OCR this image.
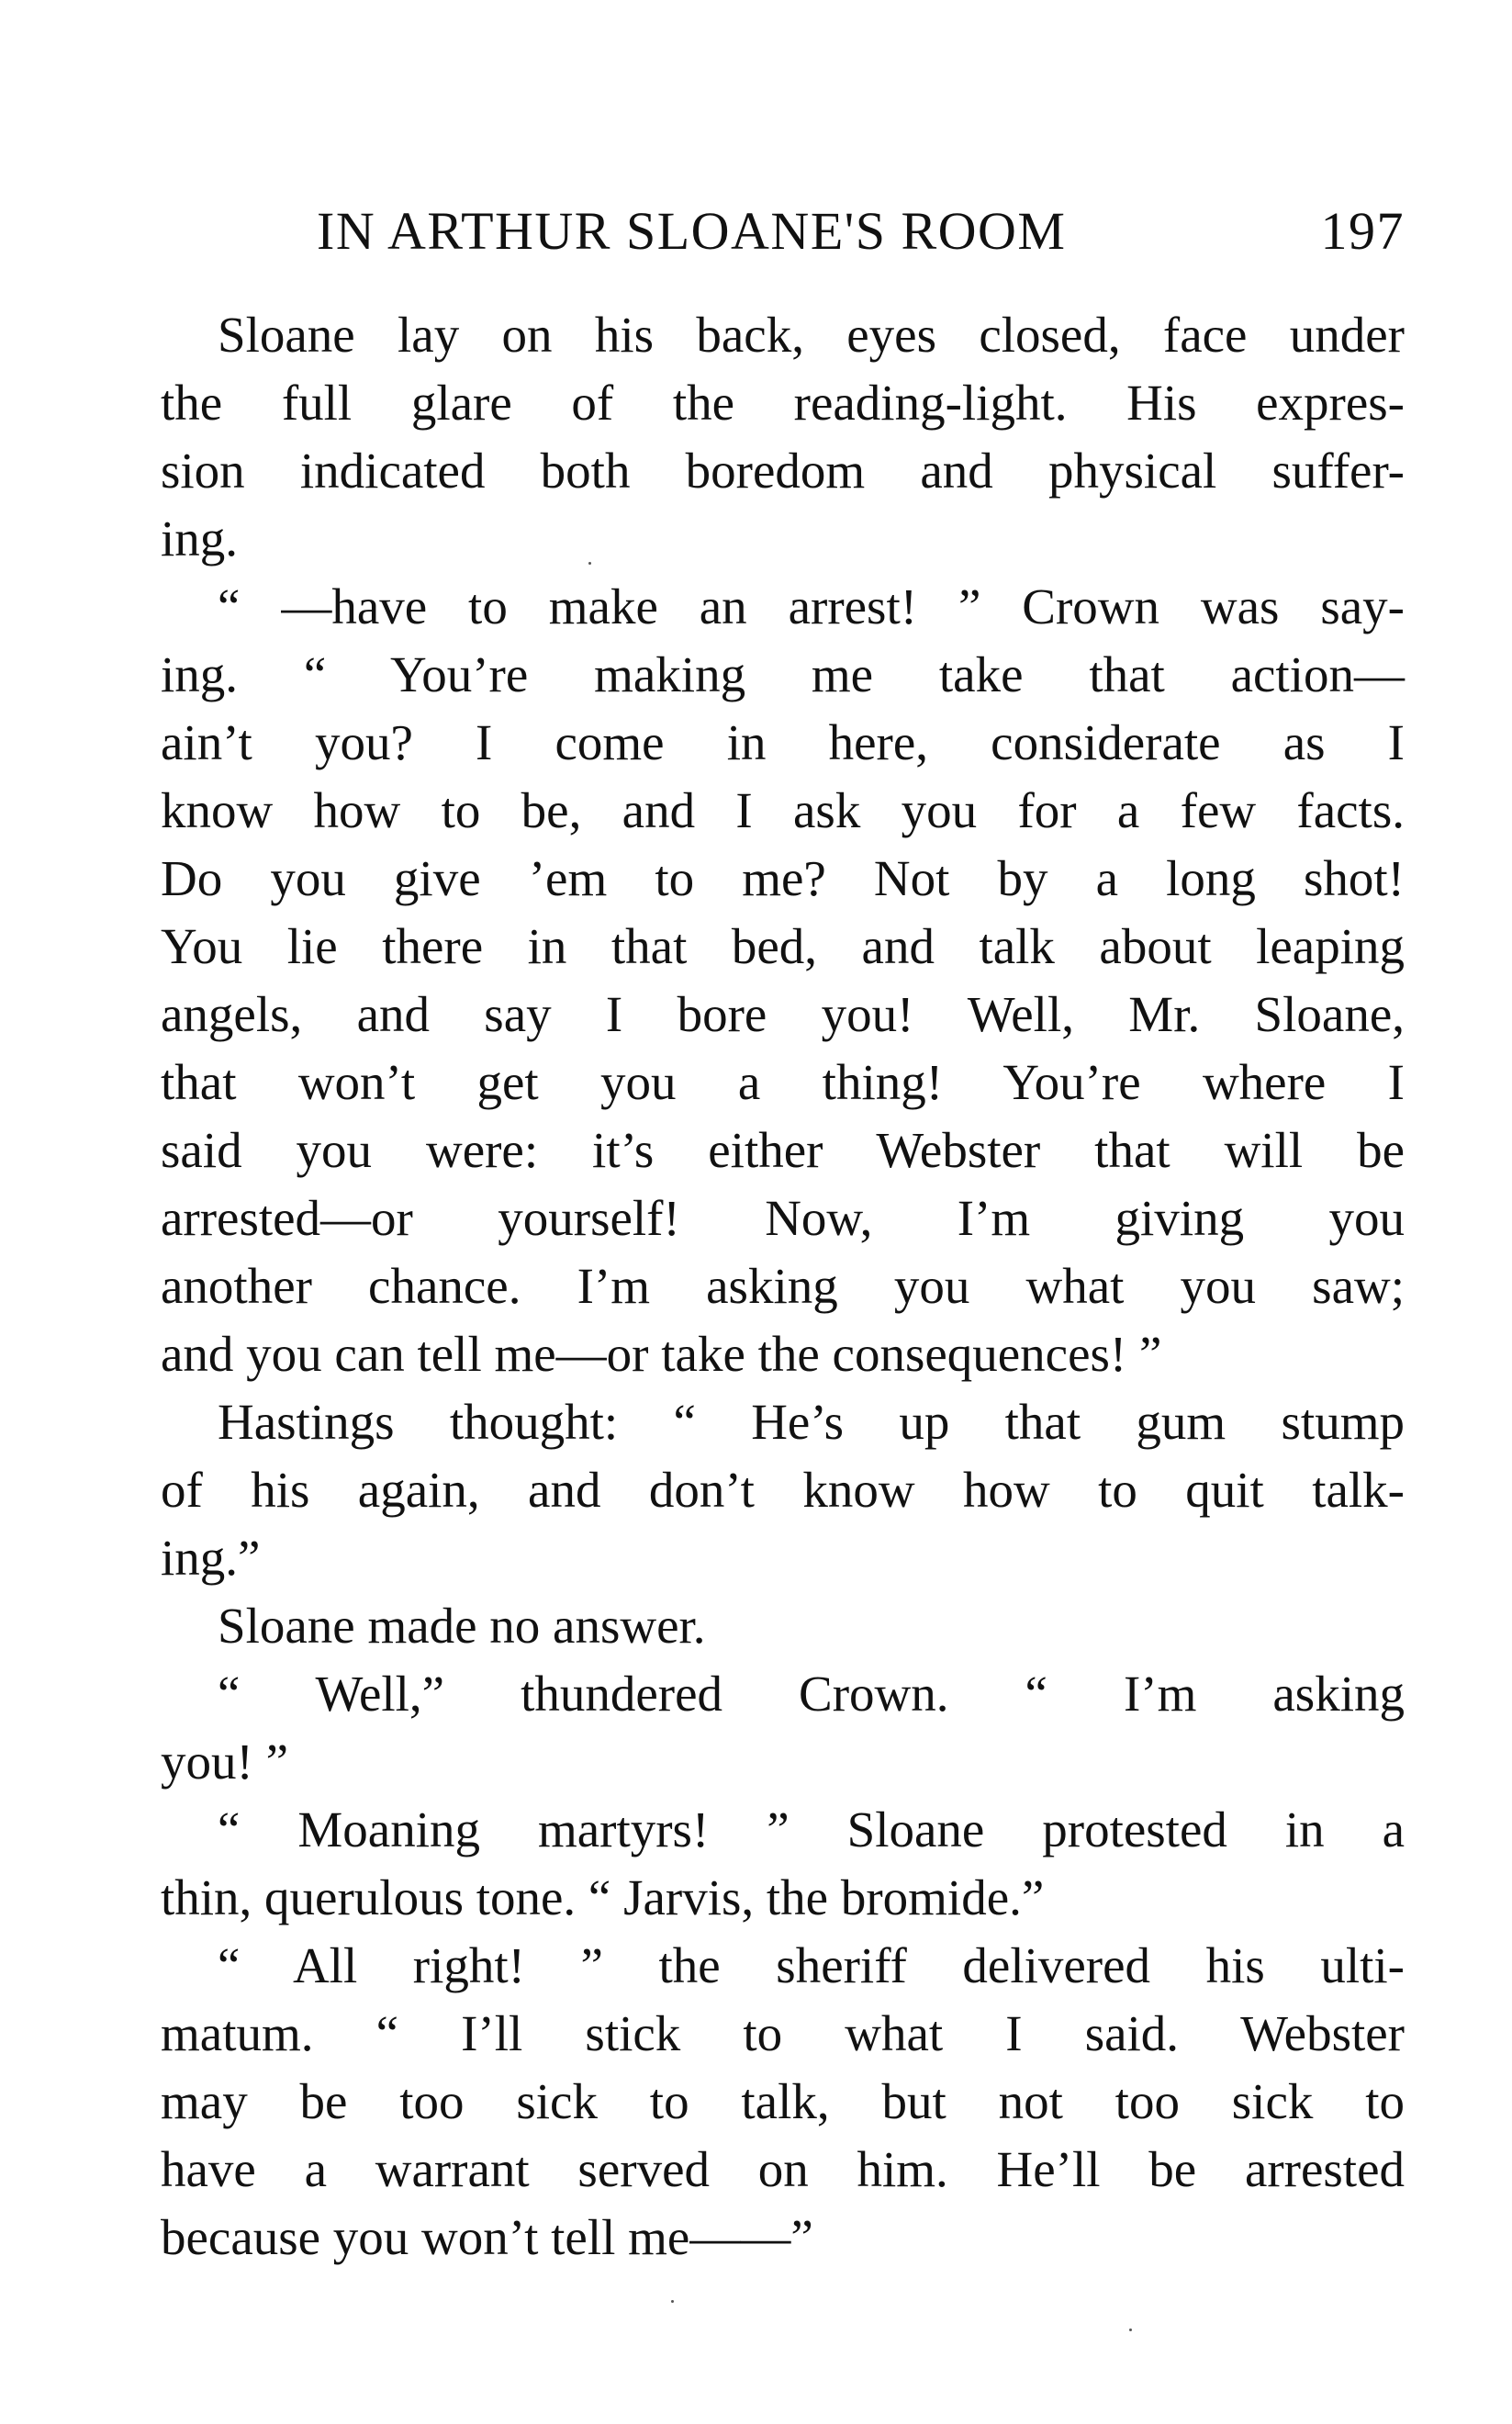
IN ARTHUR SLOANE'S ROOM	197

Sloane lay on his back, eyes closed, face under
the full glare of the reading-light. His expres-
sion indicated both boredom and physical suffer-
ing.

“ —have to make an arrest! ” Crown was say-
ing. “ You’re making me take that action—
ain’t you? I come in here, considerate as I
know how to be, and I ask you for a few facts.
Do you give ’em to me? Not by a long shot!
You lie there in that bed, and talk about leaping
angels, and say I bore you! Well, Mr. Sloane,
that won’t get you a thing! You’re where I
said you were: it’s either Webster that will be
arrested—or yourself! Now, I’m giving you
another chance. I’m asking you what you saw;
and you can tell me—or take the consequences! ”

Hastings thought: “ He’s up that gum stump
of his again, and don’t know how to quit talk-
ing.”

Sloane made no answer.

“ Well,” thundered Crown. “ I’m asking
you! ”

“ Moaning martyrs! ” Sloane protested in a
thin, querulous tone. “ Jarvis, the bromide.”

“ All right! ” the sheriff delivered his ulti-
matum. “ I’ll stick to what I said. Webster
may be too sick to talk, but not too sick to
have a warrant served on him. He’ll be arrested
because you won’t tell me——”
